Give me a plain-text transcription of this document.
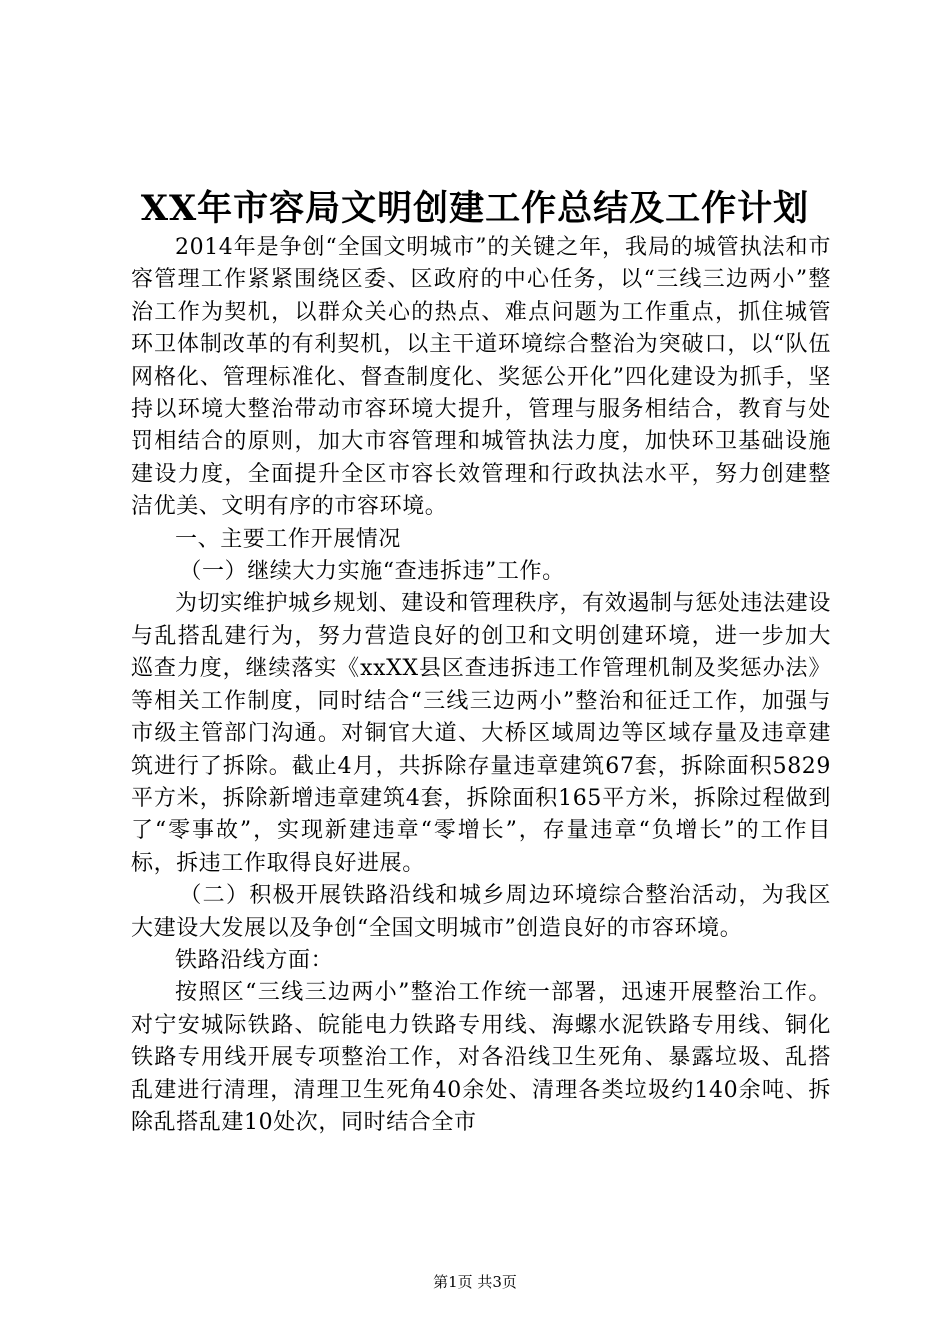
XX年市容局文明创建工作总结及工作计划

2014年是争创“全国文明城市”的关键之年，我局的城管执法和市容管理工作紧紧围绕区委、区政府的中心任务，以“三线三边两小”整治工作为契机，以群众关心的热点、难点问题为工作重点，抓住城管环卫体制改革的有利契机，以主干道环境综合整治为突破口，以“队伍网格化、管理标准化、督查制度化、奖惩公开化”四化建设为抓手，坚持以环境大整治带动市容环境大提升，管理与服务相结合，教育与处罚相结合的原则，加大市容管理和城管执法力度，加快环卫基础设施建设力度，全面提升全区市容长效管理和行政执法水平，努力创建整洁优美、文明有序的市容环境。

一、主要工作开展情况

（一）继续大力实施“查违拆违”工作。

为切实维护城乡规划、建设和管理秩序，有效遏制与惩处违法建设与乱搭乱建行为，努力营造良好的创卫和文明创建环境，进一步加大巡查力度，继续落实《xxXX县区查违拆违工作管理机制及奖惩办法》等相关工作制度，同时结合“三线三边两小”整治和征迁工作，加强与市级主管部门沟通。对铜官大道、大桥区域周边等区域存量及违章建筑进行了拆除。截止4月，共拆除存量违章建筑67套，拆除面积5829平方米，拆除新增违章建筑4套，拆除面积165平方米，拆除过程做到了“零事故”，实现新建违章“零增长”，存量违章“负增长”的工作目标，拆违工作取得良好进展。

（二）积极开展铁路沿线和城乡周边环境综合整治活动，为我区大建设大发展以及争创“全国文明城市”创造良好的市容环境。

铁路沿线方面：

按照区“三线三边两小”整治工作统一部署，迅速开展整治工作。对宁安城际铁路、皖能电力铁路专用线、海螺水泥铁路专用线、铜化铁路专用线开展专项整治工作，对各沿线卫生死角、暴露垃圾、乱搭乱建进行清理，清理卫生死角40余处、清理各类垃圾约140余吨、拆除乱搭乱建10处次，同时结合全市

第1页 共3页
